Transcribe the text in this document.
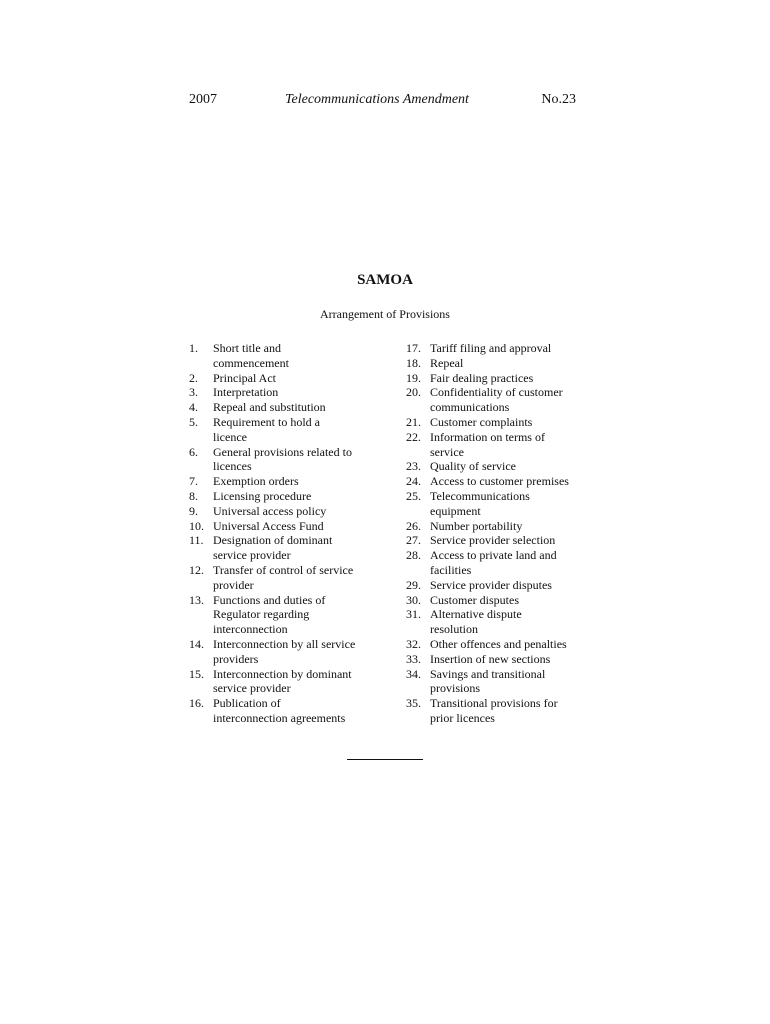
2007	Telecommunications Amendment	No.23
SAMOA
Arrangement of Provisions
1.	Short title and
commencement
2.	Principal Act
3.	Interpretation
4.	Repeal and substitution
5.	Requirement to hold a
licence
6.	General provisions related to
licences
7.	Exemption orders
8.	Licensing procedure
9.	Universal access policy
10. Universal Access Fund
11. Designation of dominant
service provider
12. Transfer of control of service
provider
13. Functions and duties of
Regulator regarding
interconnection
14. Interconnection by all service
providers
15. Interconnection by dominant
service provider
16. Publication of
interconnection agreements
17. Tariff filing and approval
18. Repeal
19. Fair dealing practices
20. Confidentiality of customer
communications
21. Customer complaints
22. Information on terms of
service
23. Quality of service
24. Access to customer premises
25. Telecommunications
equipment
26. Number portability
27. Service provider selection
28. Access to private land and
facilities
29. Service provider disputes
30. Customer disputes
31. Alternative dispute
resolution
32. Other offences and penalties
33. Insertion of new sections
34. Savings and transitional
provisions
35. Transitional provisions for
prior licences
